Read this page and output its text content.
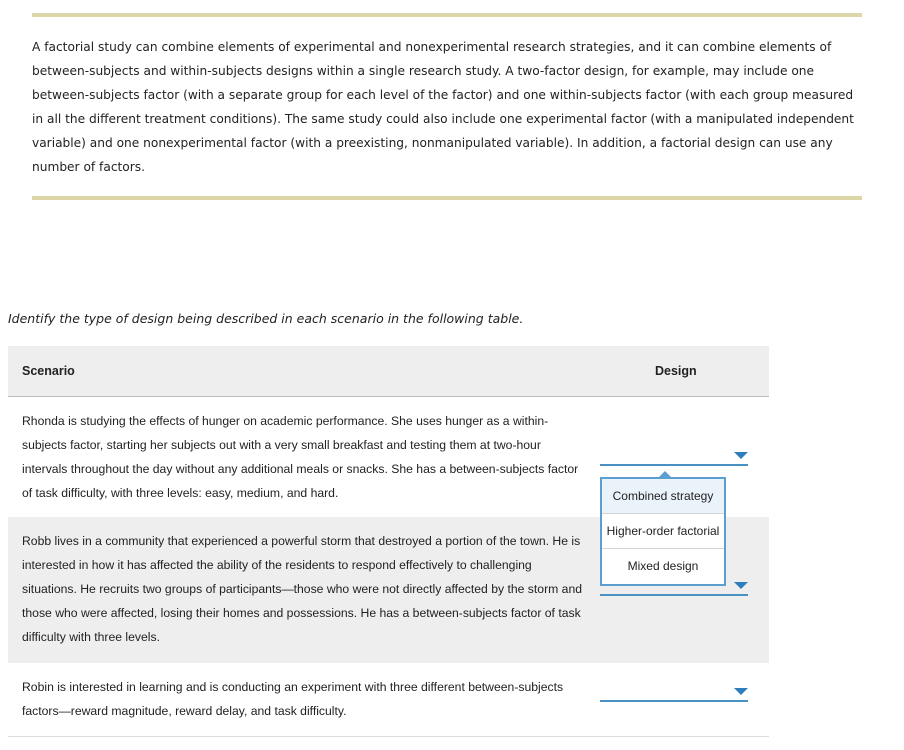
A factorial study can combine elements of experimental and nonexperimental research strategies, and it can combine elements of between-subjects and within-subjects designs within a single research study. A two-factor design, for example, may include one between-subjects factor (with a separate group for each level of the factor) and one within-subjects factor (with each group measured in all the different treatment conditions). The same study could also include one experimental factor (with a manipulated independent variable) and one nonexperimental factor (with a preexisting, nonmanipulated variable). In addition, a factorial design can use any number of factors.
Identify the type of design being described in each scenario in the following table.
Scenario	Design
Rhonda is studying the effects of hunger on academic performance. She uses hunger as a within-subjects factor, starting her subjects out with a very small breakfast and testing them at two-hour intervals throughout the day without any additional meals or snacks. She has a between-subjects factor of task difficulty, with three levels: easy, medium, and hard.
Robb lives in a community that experienced a powerful storm that destroyed a portion of the town. He is interested in how it has affected the ability of the residents to respond effectively to challenging situations. He recruits two groups of participants—those who were not directly affected by the storm and those who were affected, losing their homes and possessions. He has a between-subjects factor of task difficulty with three levels.
Robin is interested in learning and is conducting an experiment with three different between-subjects factors—reward magnitude, reward delay, and task difficulty.
Combined strategy
Higher-order factorial
Mixed design
